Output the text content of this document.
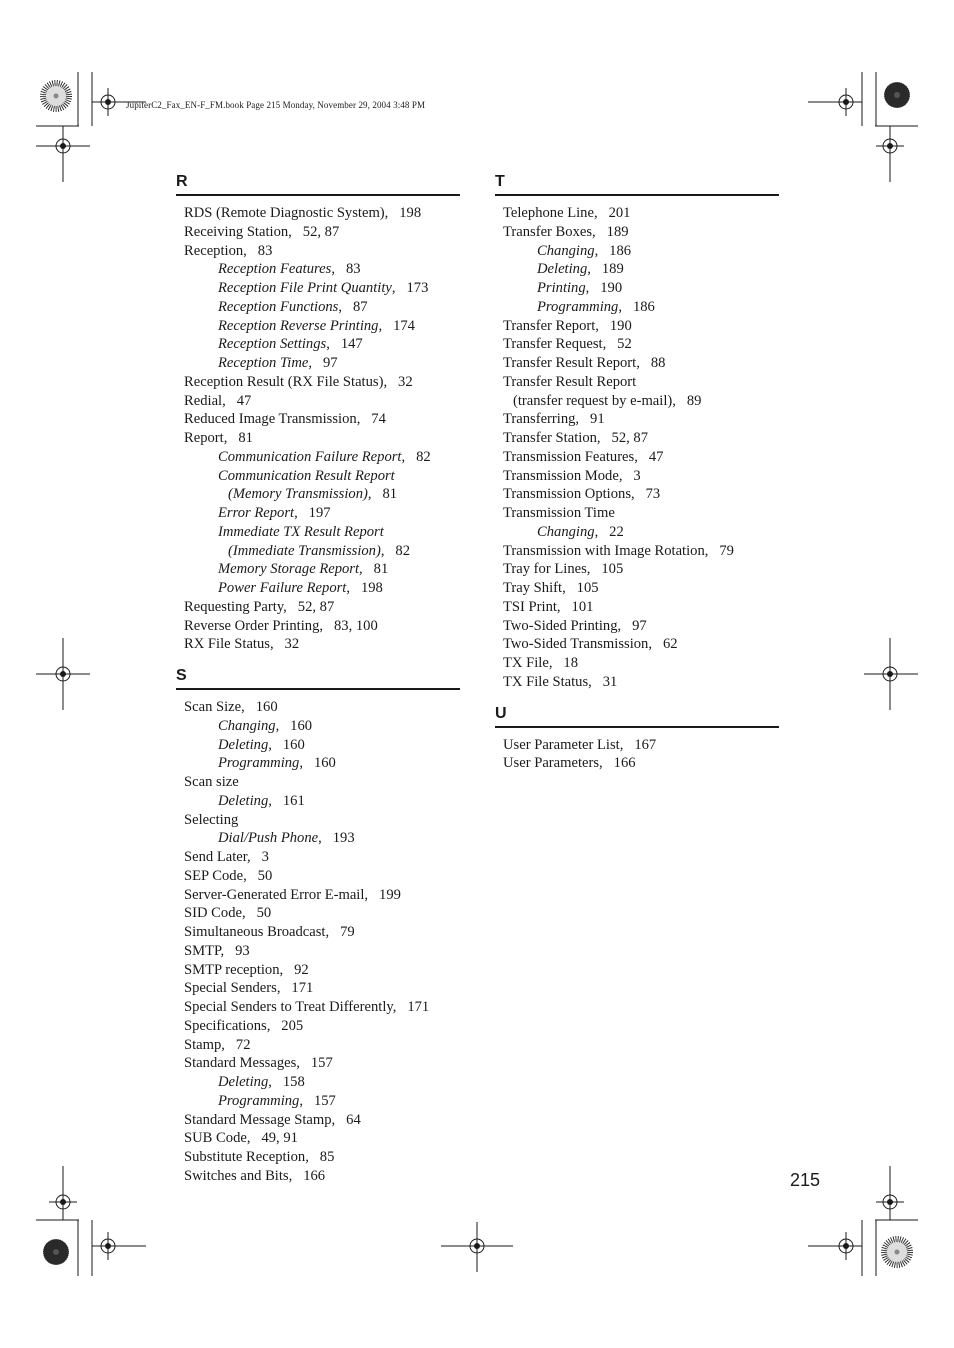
JupiterC2_Fax_EN-F_FM.book Page 215 Monday, November 29, 2004 3:48 PM
R
RDS (Remote Diagnostic System),   198
Receiving Station,   52, 87
Reception,   83
Reception Features,   83
Reception File Print Quantity,   173
Reception Functions,   87
Reception Reverse Printing,   174
Reception Settings,   147
Reception Time,   97
Reception Result (RX File Status),   32
Redial,   47
Reduced Image Transmission,   74
Report,   81
Communication Failure Report,   82
Communication Result Report
(Memory Transmission),   81
Error Report,   197
Immediate TX Result Report
(Immediate Transmission),   82
Memory Storage Report,   81
Power Failure Report,   198
Requesting Party,   52, 87
Reverse Order Printing,   83, 100
RX File Status,   32
S
Scan Size,   160
Changing,   160
Deleting,   160
Programming,   160
Scan size
Deleting,   161
Selecting
Dial/Push Phone,   193
Send Later,   3
SEP Code,   50
Server-Generated Error E-mail,   199
SID Code,   50
Simultaneous Broadcast,   79
SMTP,   93
SMTP reception,   92
Special Senders,   171
Special Senders to Treat Differently,   171
Specifications,   205
Stamp,   72
Standard Messages,   157
Deleting,   158
Programming,   157
Standard Message Stamp,   64
SUB Code,   49, 91
Substitute Reception,   85
Switches and Bits,   166
T
Telephone Line,   201
Transfer Boxes,   189
Changing,   186
Deleting,   189
Printing,   190
Programming,   186
Transfer Report,   190
Transfer Request,   52
Transfer Result Report,   88
Transfer Result Report
(transfer request by e-mail),   89
Transferring,   91
Transfer Station,   52, 87
Transmission Features,   47
Transmission Mode,   3
Transmission Options,   73
Transmission Time
Changing,   22
Transmission with Image Rotation,   79
Tray for Lines,   105
Tray Shift,   105
TSI Print,   101
Two-Sided Printing,   97
Two-Sided Transmission,   62
TX File,   18
TX File Status,   31
U
User Parameter List,   167
User Parameters,   166
215
